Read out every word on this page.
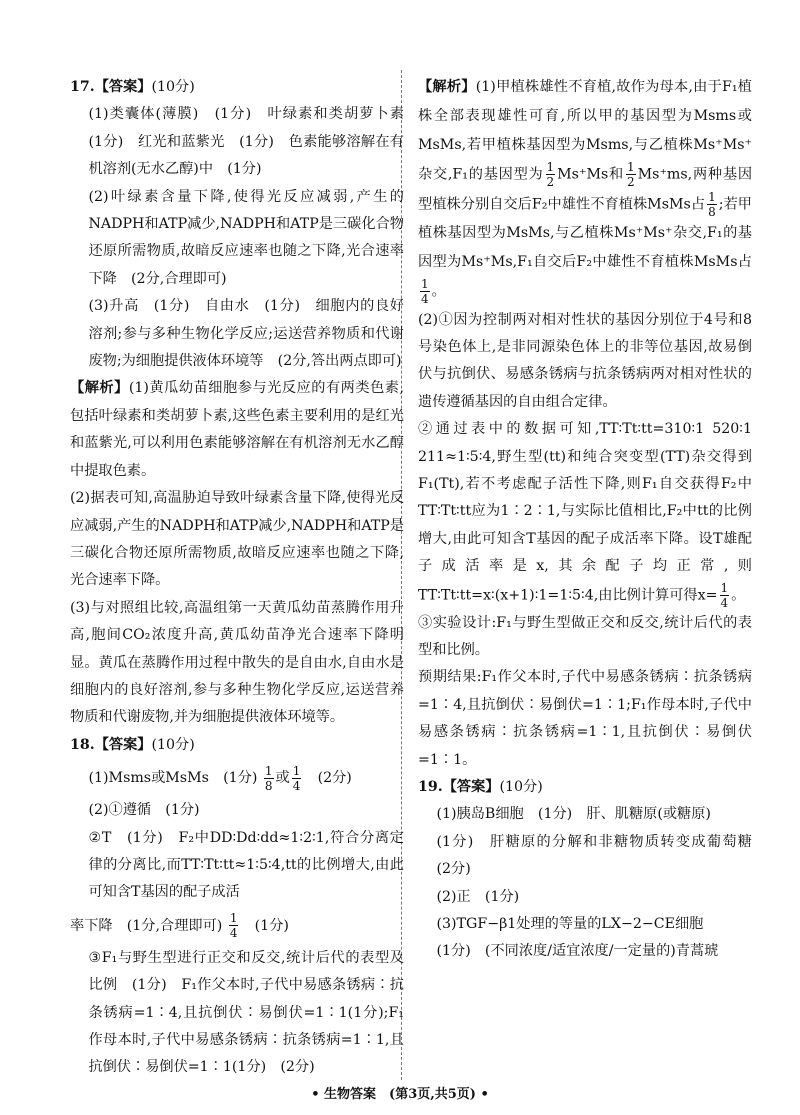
17.【答案】(10分)

(1)类囊体(薄膜)　(1分)　叶绿素和类胡萝卜素　(1分)　红光和蓝紫光　(1分)　色素能够溶解在有机溶剂(无水乙醇)中　(1分)

(2)叶绿素含量下降,使得光反应减弱,产生的NADPH和ATP减少,NADPH和ATP是三碳化合物还原所需物质,故暗反应速率也随之下降,光合速率下降　(2分,合理即可)

(3)升高　(1分)　自由水　(1分)　细胞内的良好溶剂;参与多种生物化学反应;运送营养物质和代谢废物;为细胞提供液体环境等　(2分,答出两点即可)

【解析】(1)黄瓜幼苗细胞参与光反应的有两类色素,包括叶绿素和类胡萝卜素,这些色素主要利用的是红光和蓝紫光,可以利用色素能够溶解在有机溶剂无水乙醇中提取色素。

(2)据表可知,高温胁迫导致叶绿素含量下降,使得光反应减弱,产生的NADPH和ATP减少,NADPH和ATP是三碳化合物还原所需物质,故暗反应速率也随之下降,光合速率下降。

(3)与对照组比较,高温组第一天黄瓜幼苗蒸腾作用升高,胞间CO₂浓度升高,黄瓜幼苗净光合速率下降明显。黄瓜在蒸腾作用过程中散失的是自由水,自由水是细胞内的良好溶剂,参与多种生物化学反应,运送营养物质和代谢废物,并为细胞提供液体环境等。

18.【答案】(10分)

(1)Msms或MsMs　(1分) $\frac{1}{8}$ 或 $\frac{1}{4}$ 　(2分)

(2)①遵循　(1分)

②T　(1分)　F₂中DD∶Dd∶dd≈1∶2∶1,符合分离定律的分离比,而TT∶Tt∶tt≈1∶5∶4,tt的比例增大,由此可知含T基因的配子成活

率下降　(1分,合理即可) $\frac{1}{4}$ 　(1分)

③F₁与野生型进行正交和反交,统计后代的表型及比例　(1分)　F₁作父本时,子代中易感条锈病∶抗条锈病=1∶4,且抗倒伏∶易倒伏=1∶1(1分);F₁作母本时,子代中易感条锈病∶抗条锈病=1∶1,且抗倒伏∶易倒伏=1∶1(1分)　(2分)

【解析】(1)甲植株雄性不育植,故作为母本,由于F₁植株全部表现雄性可育,所以甲的基因型为Msms或MsMs,若甲植株基因型为Msms,与乙植株Ms⁺Ms⁺杂交,F₁的基因型为 $\frac{1}{2} Ms^+Ms$和 $\frac{1}{2} Ms^+ms$,两种基因型植株分别自交后F₂中雄性不育植株MsMs占 $\frac{1}{8}$ ;若甲植株基因型为MsMs,与乙植株Ms⁺Ms⁺杂交,F₁的基因型为Ms⁺Ms,F₁自交后F₂中雄性不育植株MsMs占
$\frac{1}{4}$ 。

(2)①因为控制两对相对性状的基因分别位于4号和8号染色体上,是非同源染色体上的非等位基因,故易倒伏与抗倒伏、易感条锈病与抗条锈病两对相对性状的遗传遵循基因的自由组合定律。

②通过表中的数据可知,TT∶Tt∶tt=310∶1 520∶1 211≈1∶5∶4,野生型(tt)和纯合突变型(TT)杂交得到F₁(Tt),若不考虑配子活性下降,则F₁自交获得F₂中TT∶Tt∶tt应为1∶2∶1,与实际比值相比,F₂中tt的比例增大,由此可知含T基因的配子成活率下降。设T雄配子成活率是x,其余配子均正常,则TT∶Tt∶tt=x∶(x+1)∶1=1∶5∶4,由比例计算可得$x= \frac{1}{4}$ 。

③实验设计:F₁与野生型做正交和反交,统计后代的表型和比例。

预期结果:F₁作父本时,子代中易感条锈病∶抗条锈病=1∶4,且抗倒伏∶易倒伏=1∶1;F₁作母本时,子代中易感条锈病∶抗条锈病=1∶1,且抗倒伏∶易倒伏=1∶1。

19.【答案】(10分)

(1)胰岛B细胞　(1分)　肝、肌糖原(或糖原)

(1分)　肝糖原的分解和非糖物质转变成葡萄糖　(2分)

(2)正　(1分)

(3)TGF−β1处理的等量的LX−2−CE细胞

(1分)　(不同浓度/适宜浓度/一定量的)青蒿琥

• 生物答案　(第3页,共5页) •
